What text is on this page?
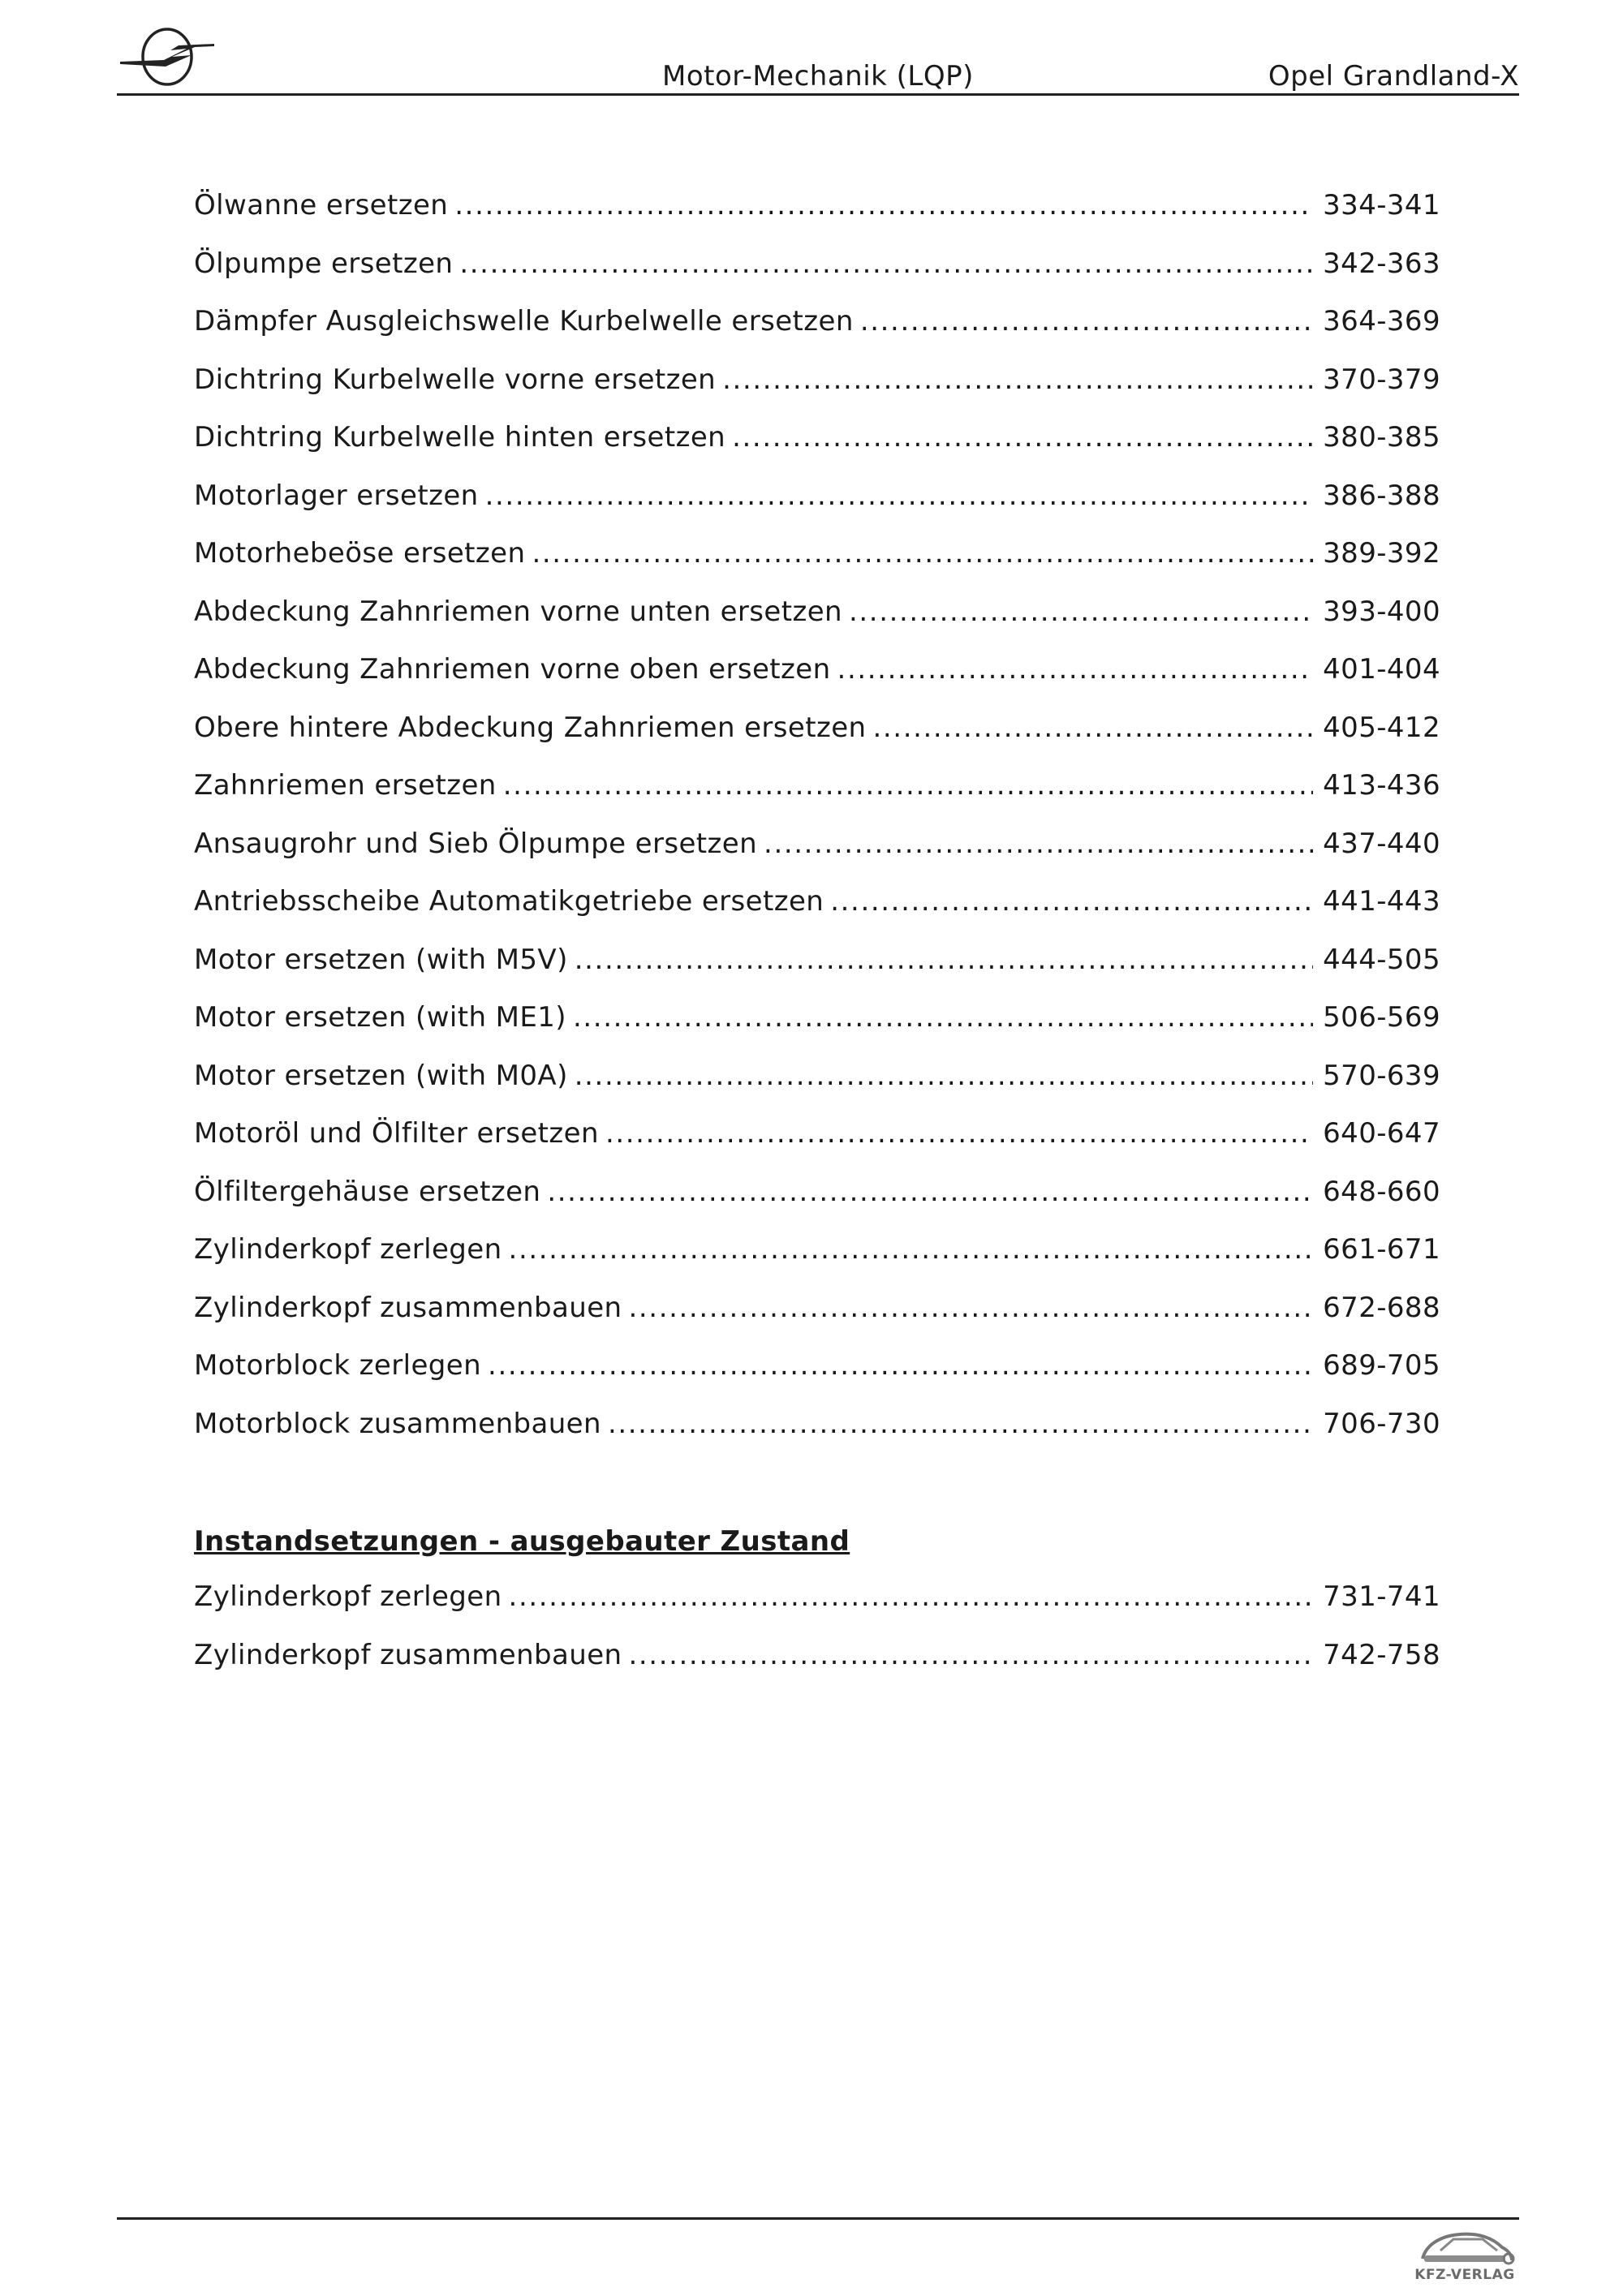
Motor-Mechanik (LQP)	Opel Grandland-X
Ölwanne ersetzen .....	334-341
Ölpumpe ersetzen .....	342-363
Dämpfer Ausgleichswelle Kurbelwelle ersetzen .....	364-369
Dichtring Kurbelwelle vorne ersetzen .....	370-379
Dichtring Kurbelwelle hinten ersetzen .....	380-385
Motorlager ersetzen .....	386-388
Motorhebeöse ersetzen .....	389-392
Abdeckung Zahnriemen vorne unten ersetzen .....	393-400
Abdeckung Zahnriemen vorne oben ersetzen .....	401-404
Obere hintere Abdeckung Zahnriemen ersetzen .....	405-412
Zahnriemen ersetzen .....	413-436
Ansaugrohr und Sieb Ölpumpe ersetzen .....	437-440
Antriebsscheibe Automatikgetriebe ersetzen .....	441-443
Motor ersetzen (with M5V) .....	444-505
Motor ersetzen (with ME1) .....	506-569
Motor ersetzen (with M0A) .....	570-639
Motoröl und Ölfilter ersetzen .....	640-647
Ölfiltergehäuse ersetzen .....	648-660
Zylinderkopf zerlegen .....	661-671
Zylinderkopf zusammenbauen .....	672-688
Motorblock zerlegen .....	689-705
Motorblock zusammenbauen .....	706-730
Instandsetzungen - ausgebauter Zustand
Zylinderkopf zerlegen .....	731-741
Zylinderkopf zusammenbauen .....	742-758
KFZ-VERLAG
